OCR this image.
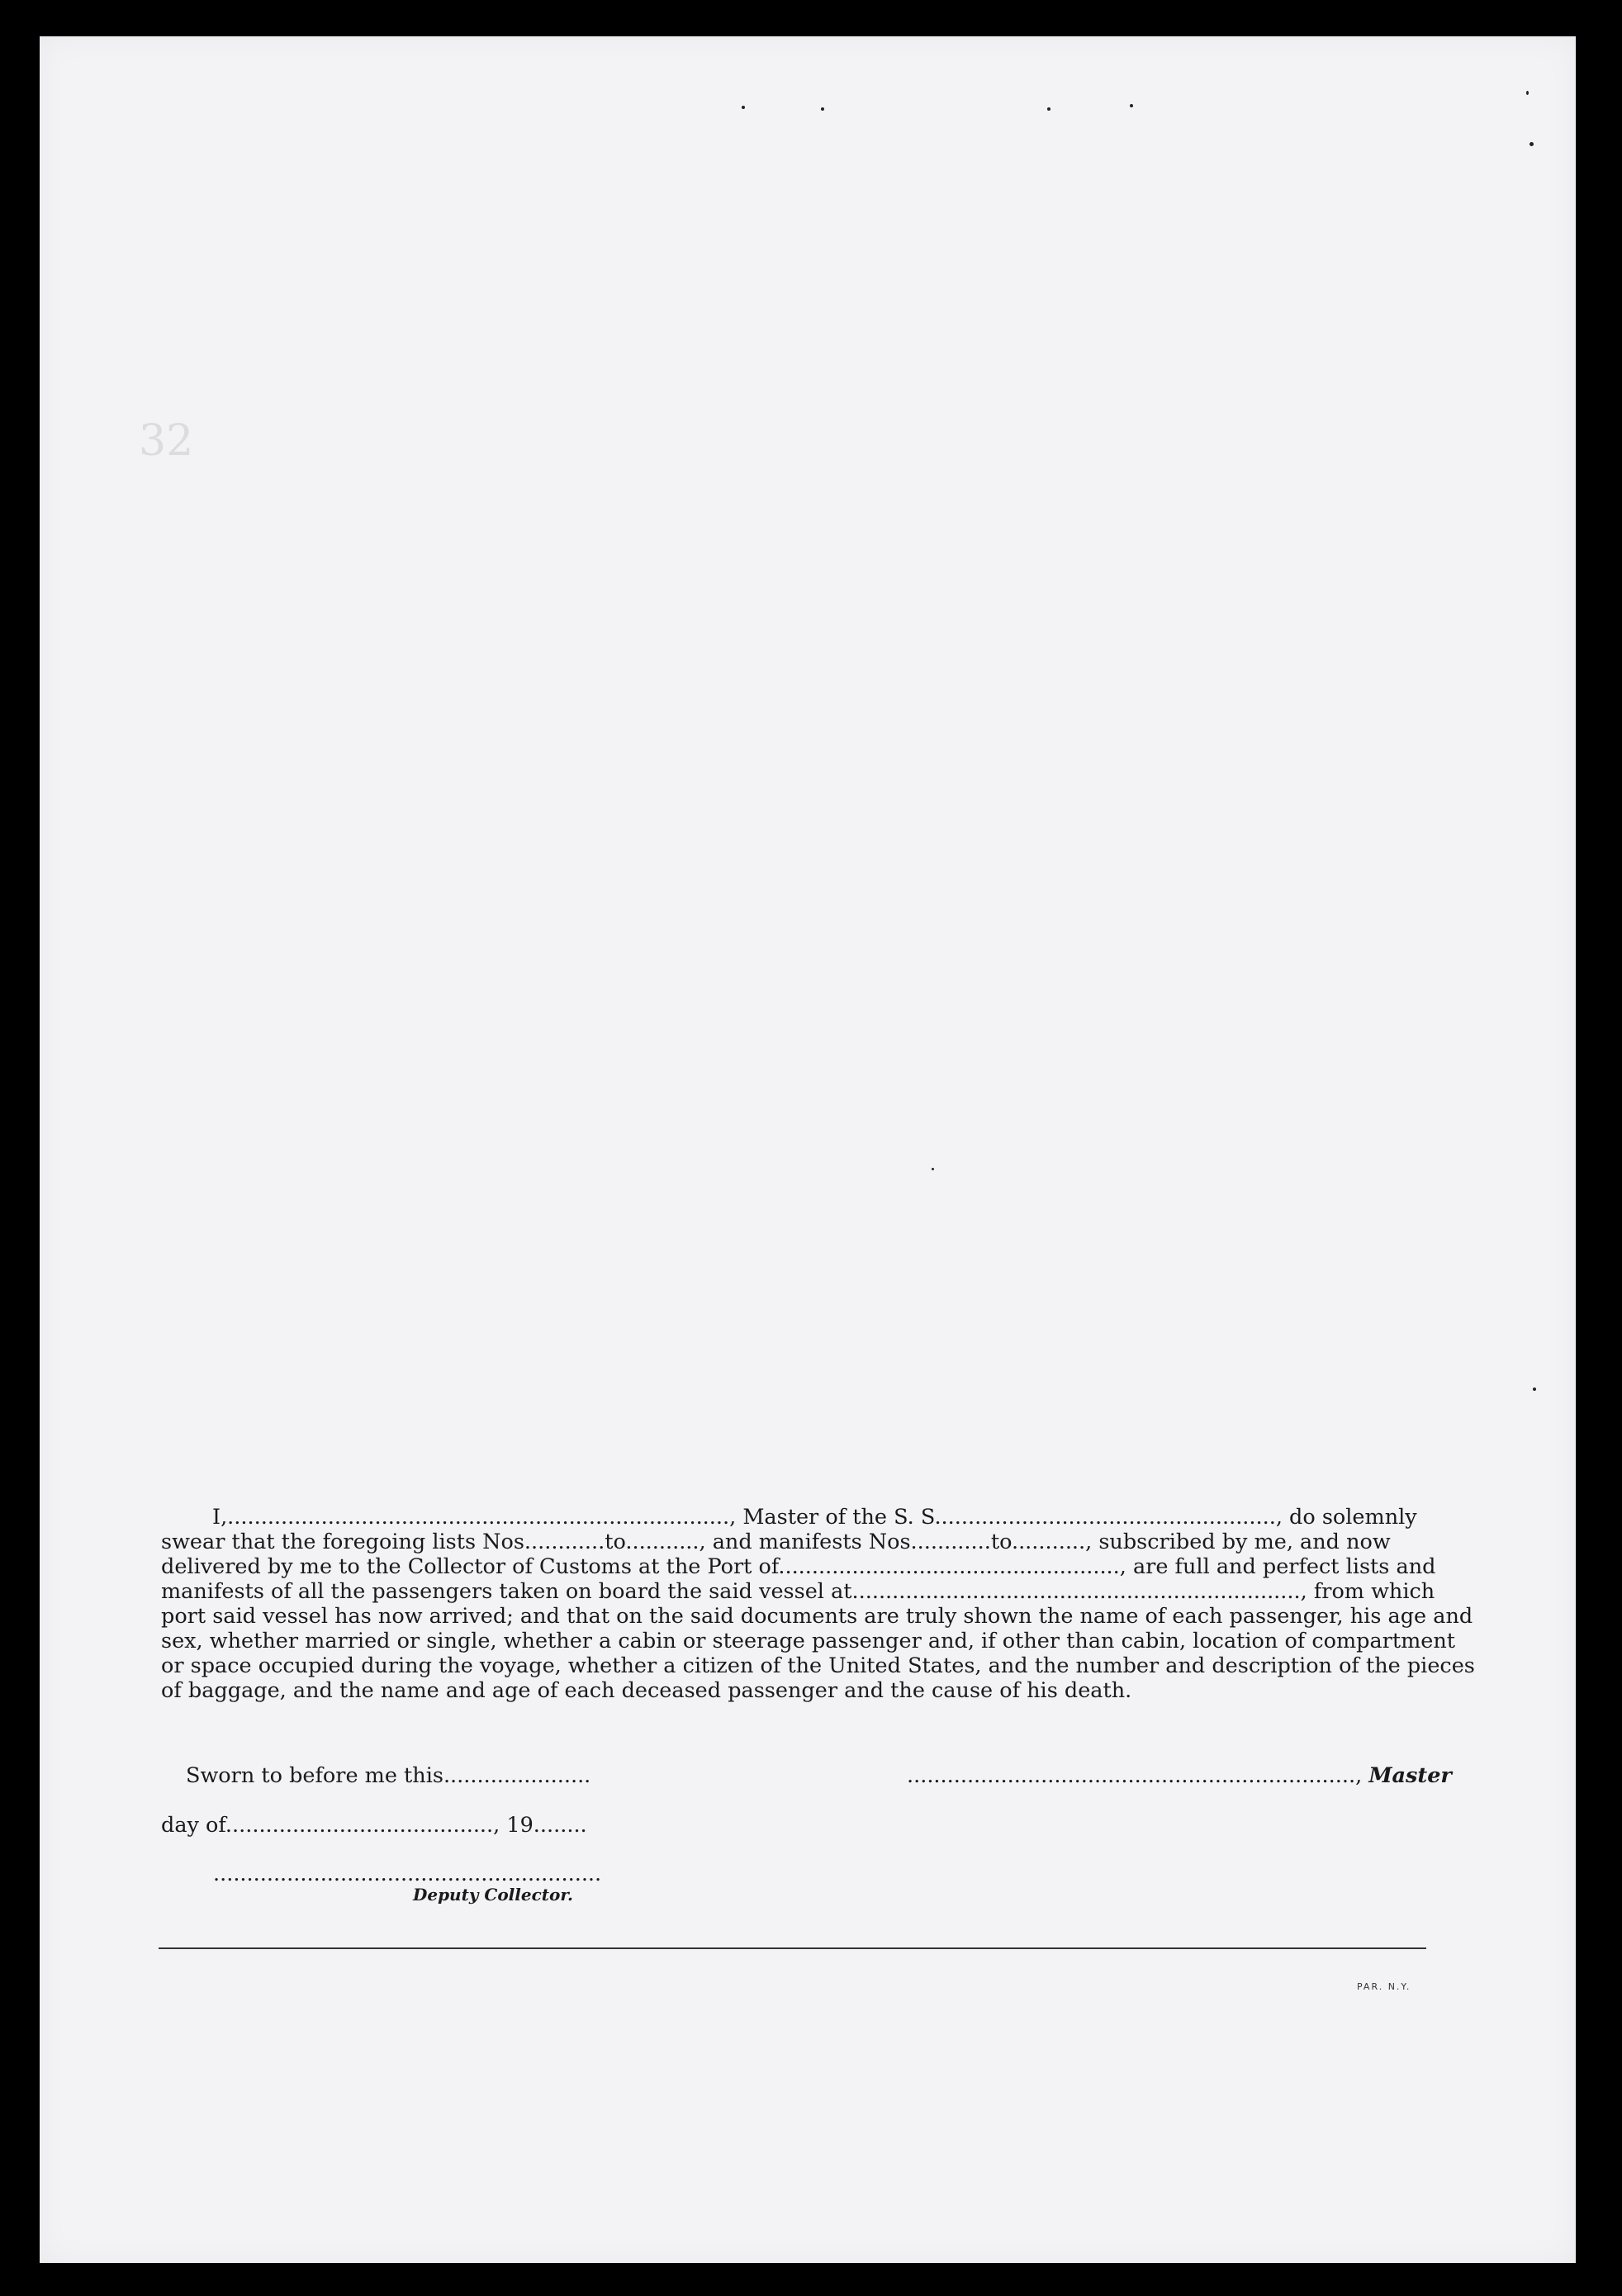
32
I,..........................................................................., Master of the S. S..................................................., do solemnly
swear that the foregoing lists Nos............to..........., and manifests Nos............to..........., subscribed by me, and now
delivered by me to the Collector of Customs at the Port of..................................................., are full and perfect lists and
manifests of all the passengers taken on board the said vessel at..................................................................., from which
port said vessel has now arrived; and that on the said documents are truly shown the name of each passenger, his age and
sex, whether married or single, whether a cabin or steerage passenger and, if other than cabin, location of compartment
or space occupied during the voyage, whether a citizen of the United States, and the number and description of the pieces
of baggage, and the name and age of each deceased passenger and the cause of his death.
Sworn to before me this......................	..................................................................., Master
day of........................................, 19........
..........................................................
Deputy Collector.
PAR. N.Y.
